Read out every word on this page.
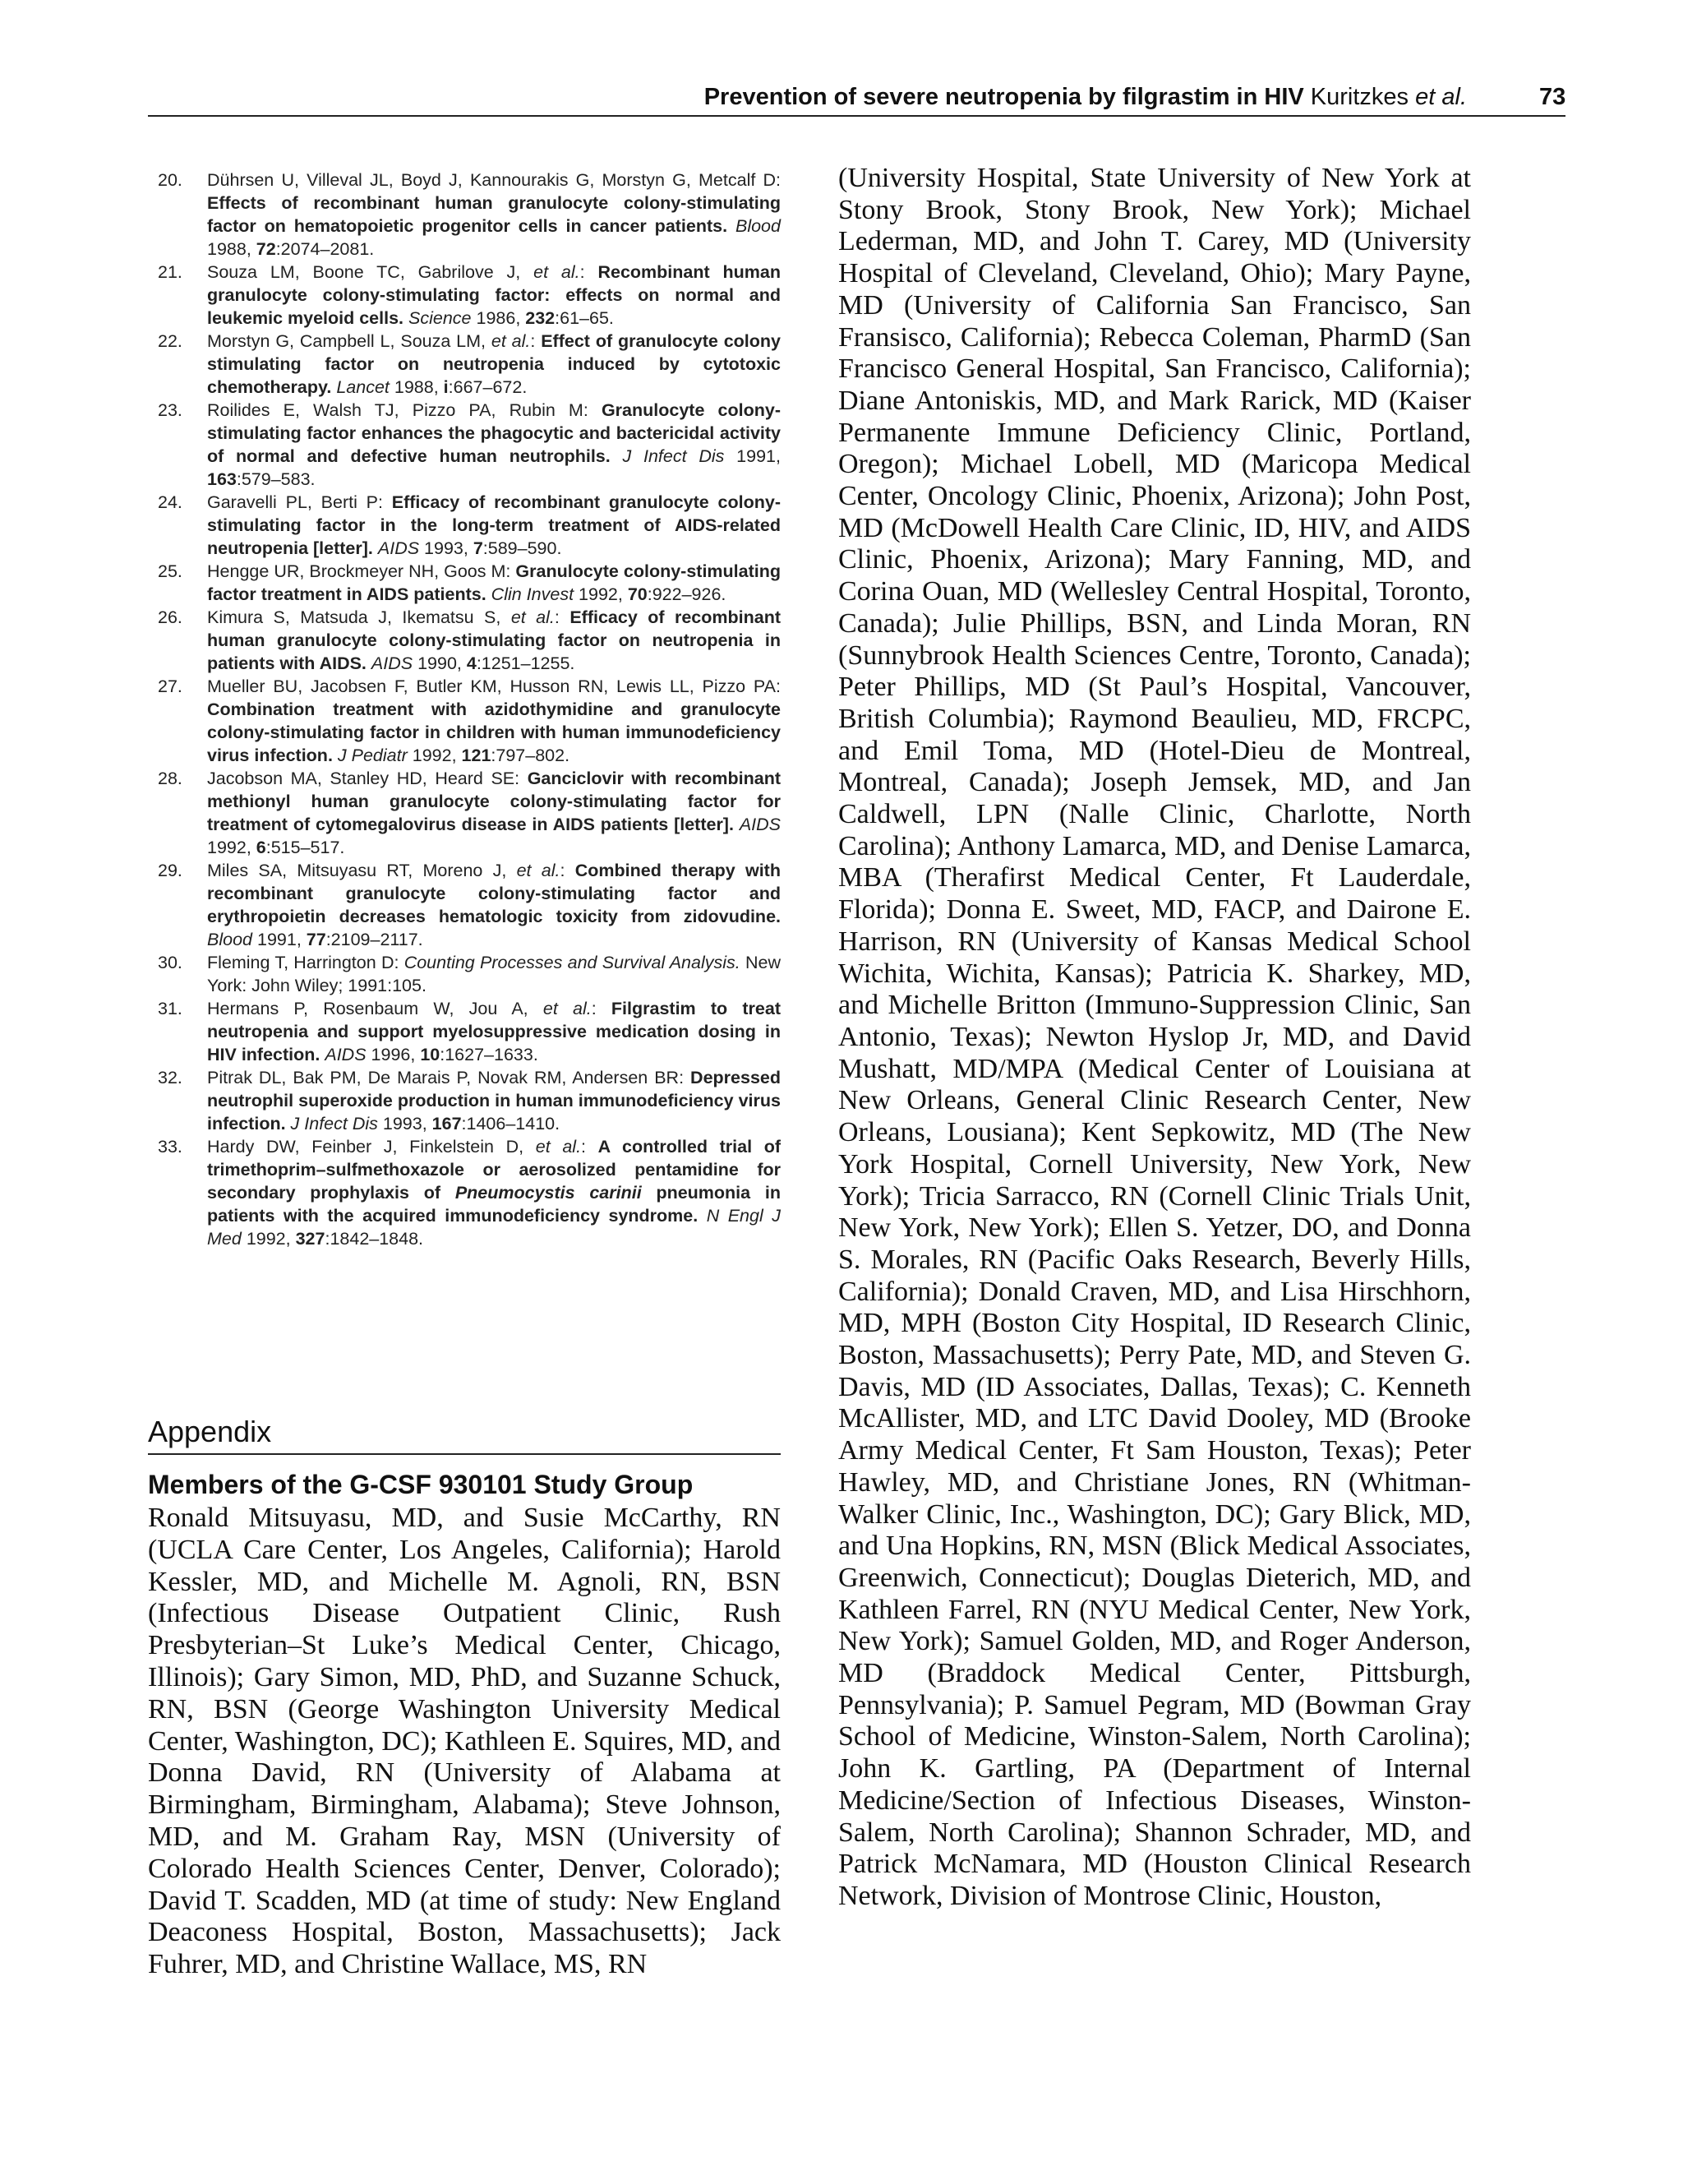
Prevention of severe neutropenia by filgrastim in HIV Kuritzkes et al.	73
20.	Dührsen U, Villeval JL, Boyd J, Kannourakis G, Morstyn G, Metcalf D: Effects of recombinant human granulocyte colony-stimulating factor on hematopoietic progenitor cells in cancer patients. Blood 1988, 72:2074–2081.
21.	Souza LM, Boone TC, Gabrilove J, et al.: Recombinant human granulocyte colony-stimulating factor: effects on normal and leukemic myeloid cells. Science 1986, 232:61–65.
22.	Morstyn G, Campbell L, Souza LM, et al.: Effect of granulocyte colony stimulating factor on neutropenia induced by cytotoxic chemotherapy. Lancet 1988, i:667–672.
23.	Roilides E, Walsh TJ, Pizzo PA, Rubin M: Granulocyte colony-stimulating factor enhances the phagocytic and bactericidal activity of normal and defective human neutrophils. J Infect Dis 1991, 163:579–583.
24.	Garavelli PL, Berti P: Efficacy of recombinant granulocyte colony-stimulating factor in the long-term treatment of AIDS-related neutropenia [letter]. AIDS 1993, 7:589–590.
25.	Hengge UR, Brockmeyer NH, Goos M: Granulocyte colony-stimulating factor treatment in AIDS patients. Clin Invest 1992, 70:922–926.
26.	Kimura S, Matsuda J, Ikematsu S, et al.: Efficacy of recombinant human granulocyte colony-stimulating factor on neutropenia in patients with AIDS. AIDS 1990, 4:1251–1255.
27.	Mueller BU, Jacobsen F, Butler KM, Husson RN, Lewis LL, Pizzo PA: Combination treatment with azidothymidine and granulocyte colony-stimulating factor in children with human immunodeficiency virus infection. J Pediatr 1992, 121:797–802.
28.	Jacobson MA, Stanley HD, Heard SE: Ganciclovir with recombinant methionyl human granulocyte colony-stimulating factor for treatment of cytomegalovirus disease in AIDS patients [letter]. AIDS 1992, 6:515–517.
29.	Miles SA, Mitsuyasu RT, Moreno J, et al.: Combined therapy with recombinant granulocyte colony-stimulating factor and erythropoietin decreases hematologic toxicity from zidovudine. Blood 1991, 77:2109–2117.
30.	Fleming T, Harrington D: Counting Processes and Survival Analysis. New York: John Wiley; 1991:105.
31.	Hermans P, Rosenbaum W, Jou A, et al.: Filgrastim to treat neutropenia and support myelosuppressive medication dosing in HIV infection. AIDS 1996, 10:1627–1633.
32.	Pitrak DL, Bak PM, De Marais P, Novak RM, Andersen BR: Depressed neutrophil superoxide production in human immunodeficiency virus infection. J Infect Dis 1993, 167:1406–1410.
33.	Hardy DW, Feinber J, Finkelstein D, et al.: A controlled trial of trimethoprim–sulfmethoxazole or aerosolized pentamidine for secondary prophylaxis of Pneumocystis carinii pneumonia in patients with the acquired immunodeficiency syndrome. N Engl J Med 1992, 327:1842–1848.
Appendix
Members of the G-CSF 930101 Study Group

Ronald Mitsuyasu, MD, and Susie McCarthy, RN (UCLA Care Center, Los Angeles, California); Harold Kessler, MD, and Michelle M. Agnoli, RN, BSN (Infectious Disease Outpatient Clinic, Rush Presbyterian–St Luke’s Medical Center, Chicago, Illinois); Gary Simon, MD, PhD, and Suzanne Schuck, RN, BSN (George Washington University Medical Center, Washington, DC); Kathleen E. Squires, MD, and Donna David, RN (University of Alabama at Birmingham, Birmingham, Alabama); Steve Johnson, MD, and M. Graham Ray, MSN (University of Colorado Health Sciences Center, Denver, Colorado); David T. Scadden, MD (at time of study: New England Deaconess Hospital, Boston, Massachusetts); Jack Fuhrer, MD, and Christine Wallace, MS, RN

(University Hospital, State University of New York at Stony Brook, Stony Brook, New York); Michael Lederman, MD, and John T. Carey, MD (University Hospital of Cleveland, Cleveland, Ohio); Mary Payne, MD (University of California San Francisco, San Fransisco, California); Rebecca Coleman, PharmD (San Francisco General Hospital, San Francisco, California); Diane Antoniskis, MD, and Mark Rarick, MD (Kaiser Permanente Immune Deficiency Clinic, Portland, Oregon); Michael Lobell, MD (Maricopa Medical Center, Oncology Clinic, Phoenix, Arizona); John Post, MD (McDowell Health Care Clinic, ID, HIV, and AIDS Clinic, Phoenix, Arizona); Mary Fanning, MD, and Corina Ouan, MD (Wellesley Central Hospital, Toronto, Canada); Julie Phillips, BSN, and Linda Moran, RN (Sunnybrook Health Sciences Centre, Toronto, Canada); Peter Phillips, MD (St Paul’s Hospital, Vancouver, British Columbia); Raymond Beaulieu, MD, FRCPC, and Emil Toma, MD (Hotel-Dieu de Montreal, Montreal, Canada); Joseph Jemsek, MD, and Jan Caldwell, LPN (Nalle Clinic, Charlotte, North Carolina); Anthony Lamarca, MD, and Denise Lamarca, MBA (Therafirst Medical Center, Ft Lauderdale, Florida); Donna E. Sweet, MD, FACP, and Dairone E. Harrison, RN (University of Kansas Medical School Wichita, Wichita, Kansas); Patricia K. Sharkey, MD, and Michelle Britton (Immuno-Suppression Clinic, San Antonio, Texas); Newton Hyslop Jr, MD, and David Mushatt, MD/MPA (Medical Center of Louisiana at New Orleans, General Clinic Research Center, New Orleans, Lousiana); Kent Sepkowitz, MD (The New York Hospital, Cornell University, New York, New York); Tricia Sarracco, RN (Cornell Clinic Trials Unit, New York, New York); Ellen S. Yetzer, DO, and Donna S. Morales, RN (Pacific Oaks Research, Beverly Hills, California); Donald Craven, MD, and Lisa Hirschhorn, MD, MPH (Boston City Hospital, ID Research Clinic, Boston, Massachusetts); Perry Pate, MD, and Steven G. Davis, MD (ID Associates, Dallas, Texas); C. Kenneth McAllister, MD, and LTC David Dooley, MD (Brooke Army Medical Center, Ft Sam Houston, Texas); Peter Hawley, MD, and Christiane Jones, RN (Whitman-Walker Clinic, Inc., Washington, DC); Gary Blick, MD, and Una Hopkins, RN, MSN (Blick Medical Associates, Greenwich, Connecticut); Douglas Dieterich, MD, and Kathleen Farrel, RN (NYU Medical Center, New York, New York); Samuel Golden, MD, and Roger Anderson, MD (Braddock Medical Center, Pittsburgh, Pennsylvania); P. Samuel Pegram, MD (Bowman Gray School of Medicine, Winston-Salem, North Carolina); John K. Gartling, PA (Department of Internal Medicine/Section of Infectious Diseases, Winston-Salem, North Carolina); Shannon Schrader, MD, and Patrick McNamara, MD (Houston Clinical Research Network, Division of Montrose Clinic, Houston,
